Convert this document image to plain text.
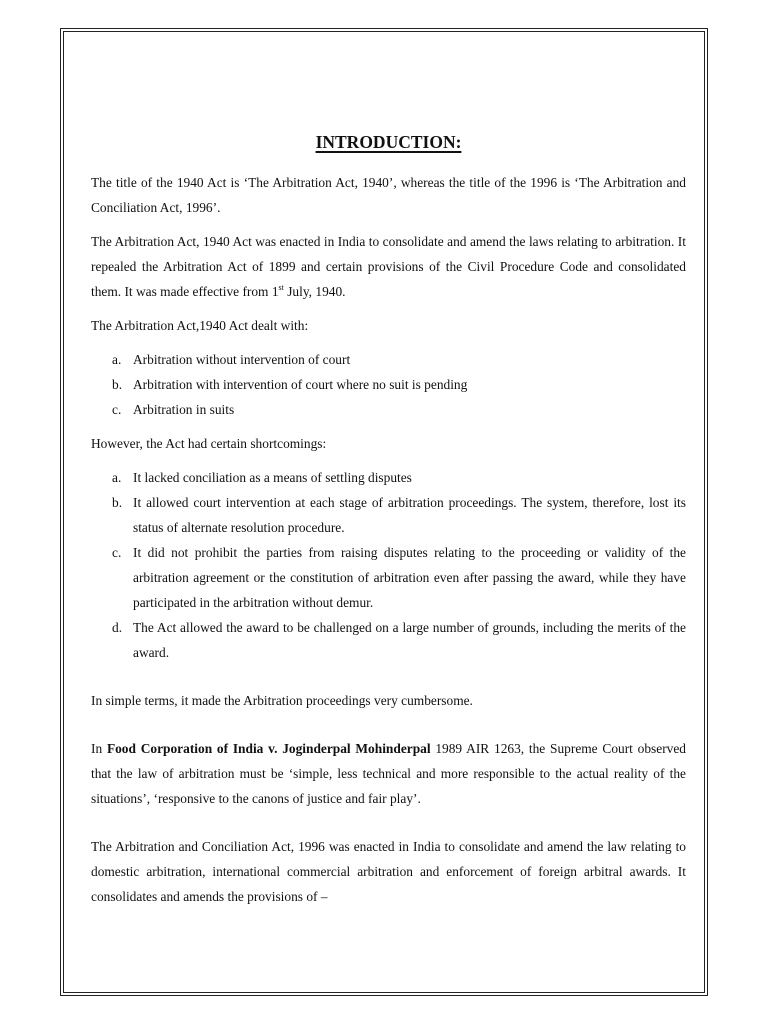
INTRODUCTION:

The title of the 1940 Act is ‘The Arbitration Act, 1940’, whereas the title of the 1996 is ‘The Arbitration and Conciliation Act, 1996’.

The Arbitration Act, 1940 Act was enacted in India to consolidate and amend the laws relating to arbitration. It repealed the Arbitration Act of 1899 and certain provisions of the Civil Procedure Code and consolidated them. It was made effective from 1st July, 1940.

The Arbitration Act,1940 Act dealt with:

a. Arbitration without intervention of court
b. Arbitration with intervention of court where no suit is pending
c. Arbitration in suits

However, the Act had certain shortcomings:

a. It lacked conciliation as a means of settling disputes
b. It allowed court intervention at each stage of arbitration proceedings. The system, therefore, lost its status of alternate resolution procedure.
c. It did not prohibit the parties from raising disputes relating to the proceeding or validity of the arbitration agreement or the constitution of arbitration even after passing the award, while they have participated in the arbitration without demur.
d. The Act allowed the award to be challenged on a large number of grounds, including the merits of the award.

In simple terms, it made the Arbitration proceedings very cumbersome.

In Food Corporation of India v. Joginderpal Mohinderpal 1989 AIR 1263, the Supreme Court observed that the law of arbitration must be ‘simple, less technical and more responsible to the actual reality of the situations’, ‘responsive to the canons of justice and fair play’.

The Arbitration and Conciliation Act, 1996 was enacted in India to consolidate and amend the law relating to domestic arbitration, international commercial arbitration and enforcement of foreign arbitral awards. It consolidates and amends the provisions of –
